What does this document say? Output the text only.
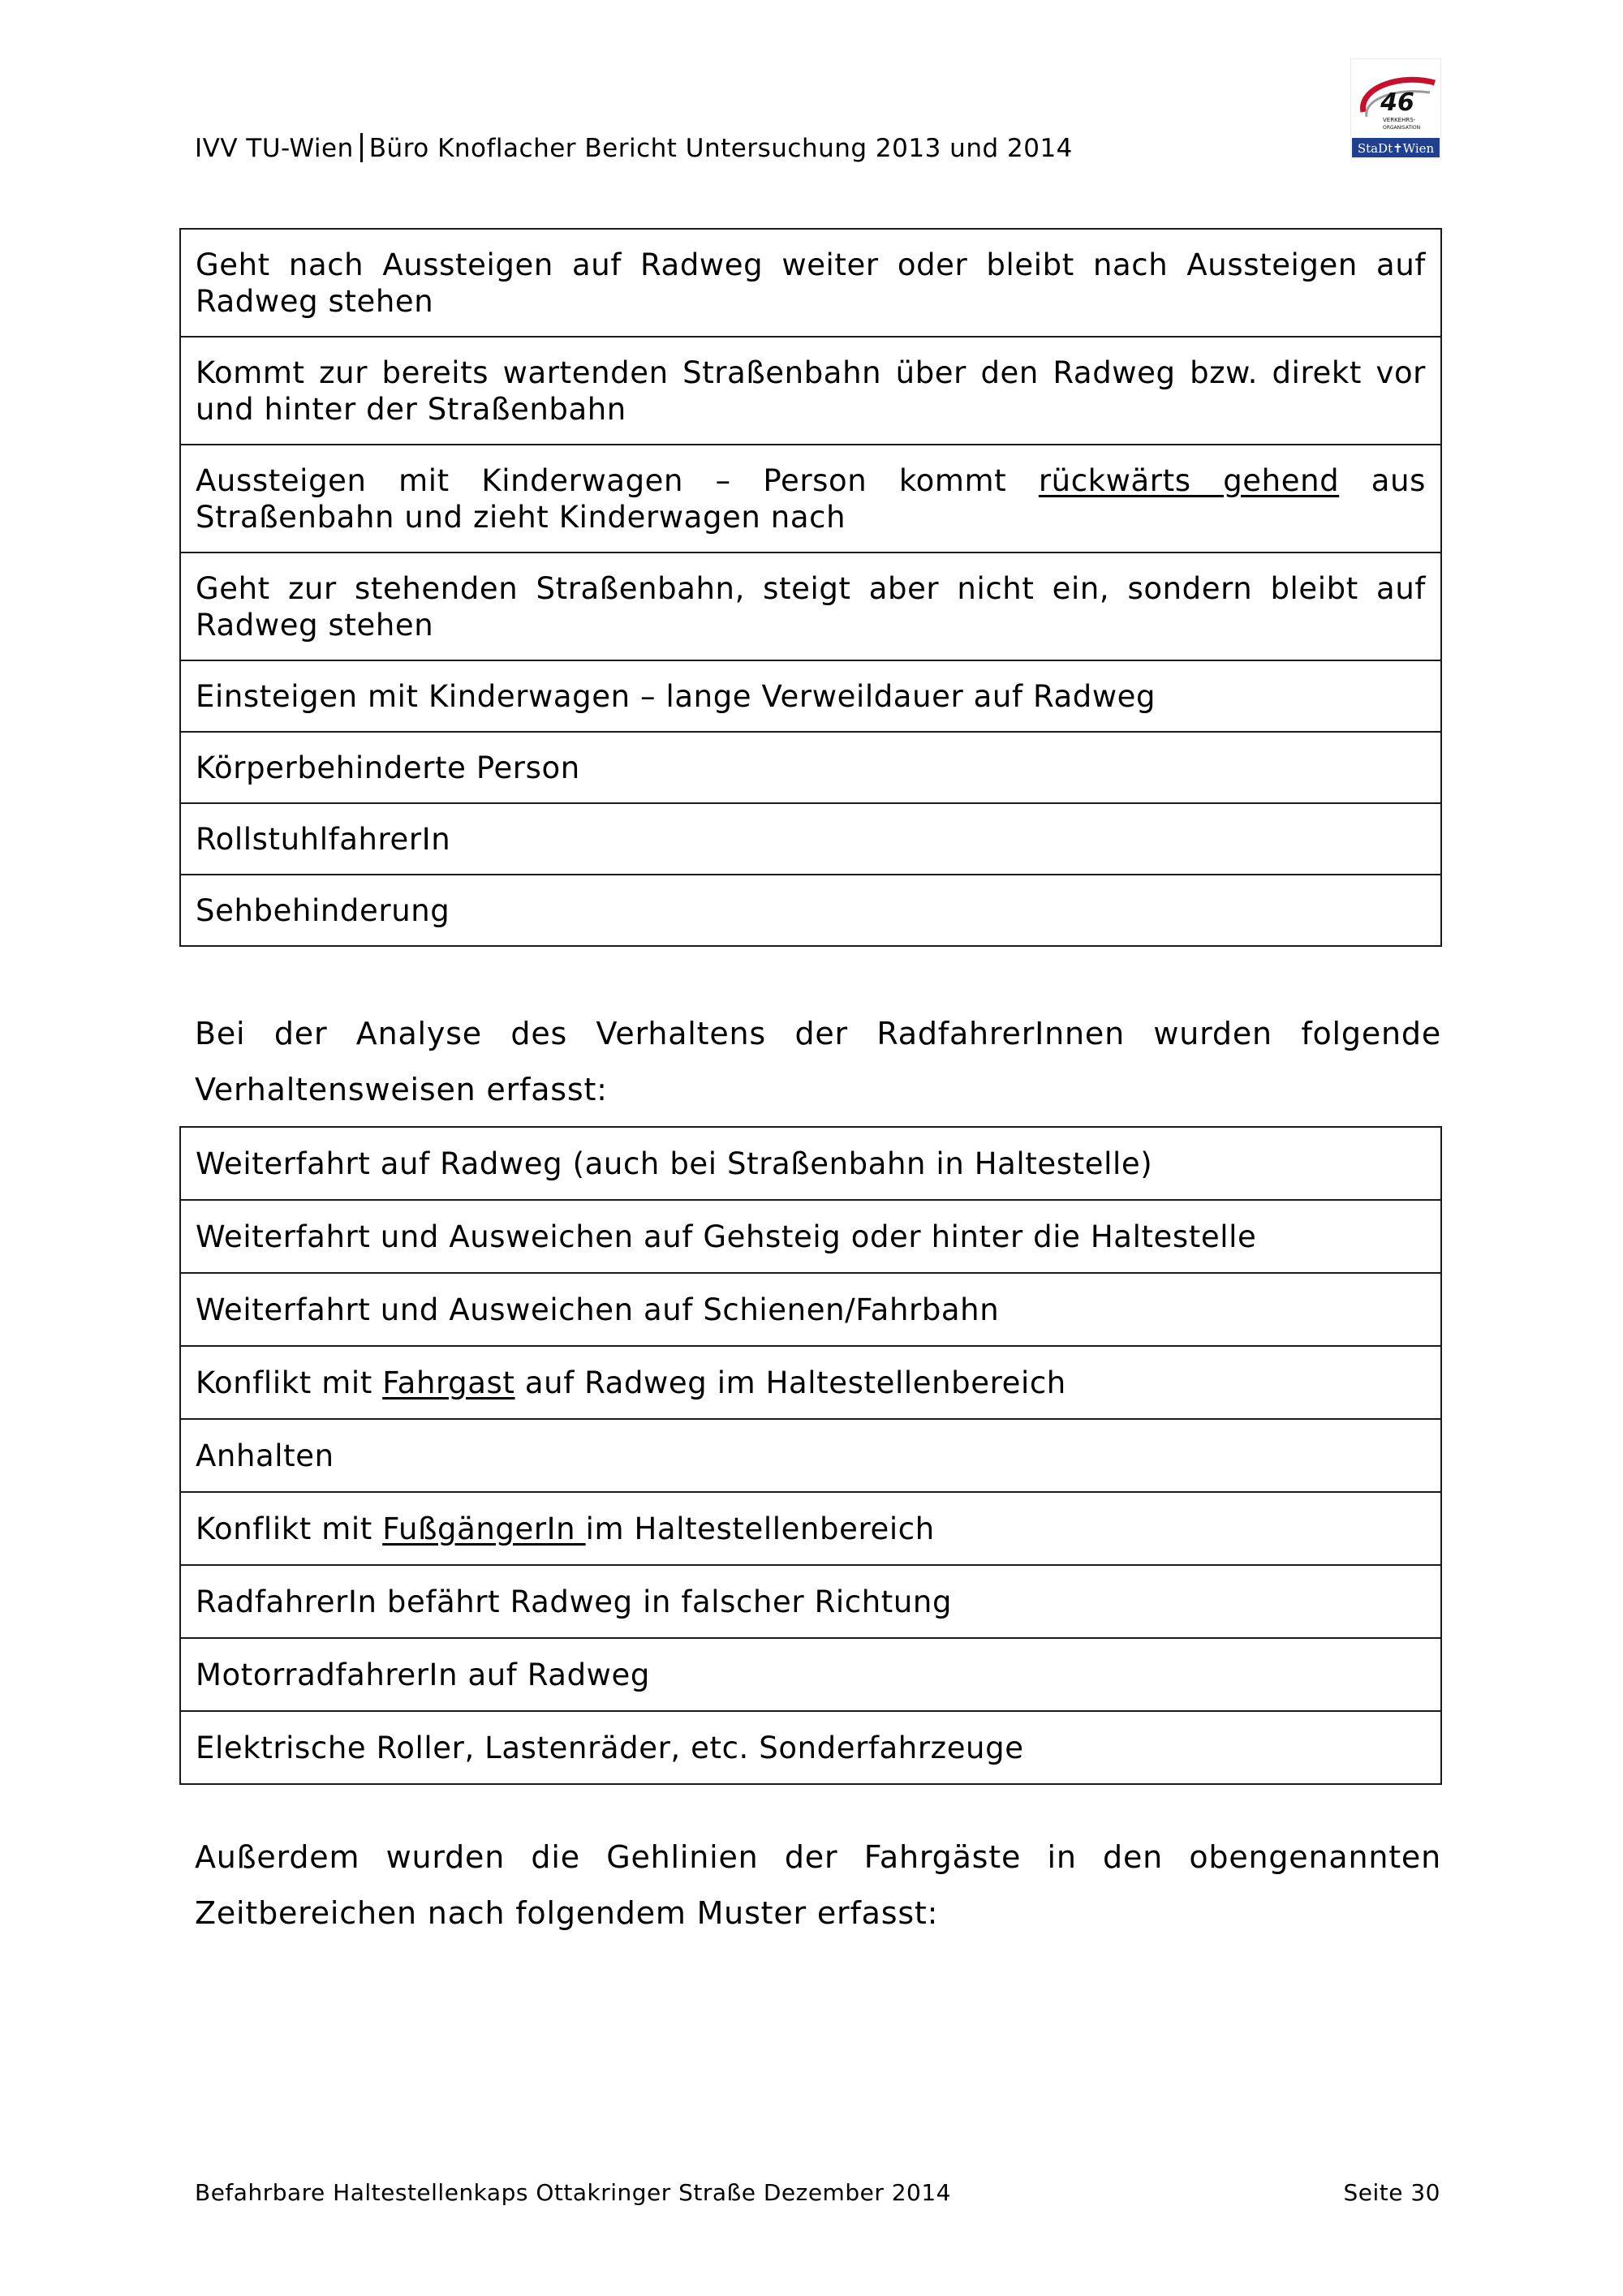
IVV TU-Wien Büro Knoflacher Bericht Untersuchung 2013 und 2014
46
VERKEHRS-
ORGANISATION
StaDt✝Wien
Geht nach Aussteigen auf Radweg weiter oder bleibt nach Aussteigen auf Radweg stehen
Kommt zur bereits wartenden Straßenbahn über den Radweg bzw. direkt vor und hinter der Straßenbahn
Aussteigen mit Kinderwagen – Person kommt rückwärts gehend aus Straßenbahn und zieht Kinderwagen nach
Geht zur stehenden Straßenbahn, steigt aber nicht ein, sondern bleibt auf Radweg stehen
Einsteigen mit Kinderwagen – lange Verweildauer auf Radweg
Körperbehinderte Person
RollstuhlfahrerIn
Sehbehinderung
Bei der Analyse des Verhaltens der RadfahrerInnen wurden folgende Verhaltensweisen erfasst:
Weiterfahrt auf Radweg (auch bei Straßenbahn in Haltestelle)
Weiterfahrt und Ausweichen auf Gehsteig oder hinter die Haltestelle
Weiterfahrt und Ausweichen auf Schienen/Fahrbahn
Konflikt mit Fahrgast auf Radweg im Haltestellenbereich
Anhalten
Konflikt mit FußgängerIn im Haltestellenbereich
RadfahrerIn befährt Radweg in falscher Richtung
MotorradfahrerIn auf Radweg
Elektrische Roller, Lastenräder, etc. Sonderfahrzeuge
Außerdem wurden die Gehlinien der Fahrgäste in den obengenannten Zeitbereichen nach folgendem Muster erfasst:
Befahrbare Haltestellenkaps Ottakringer Straße Dezember 2014	Seite 30
